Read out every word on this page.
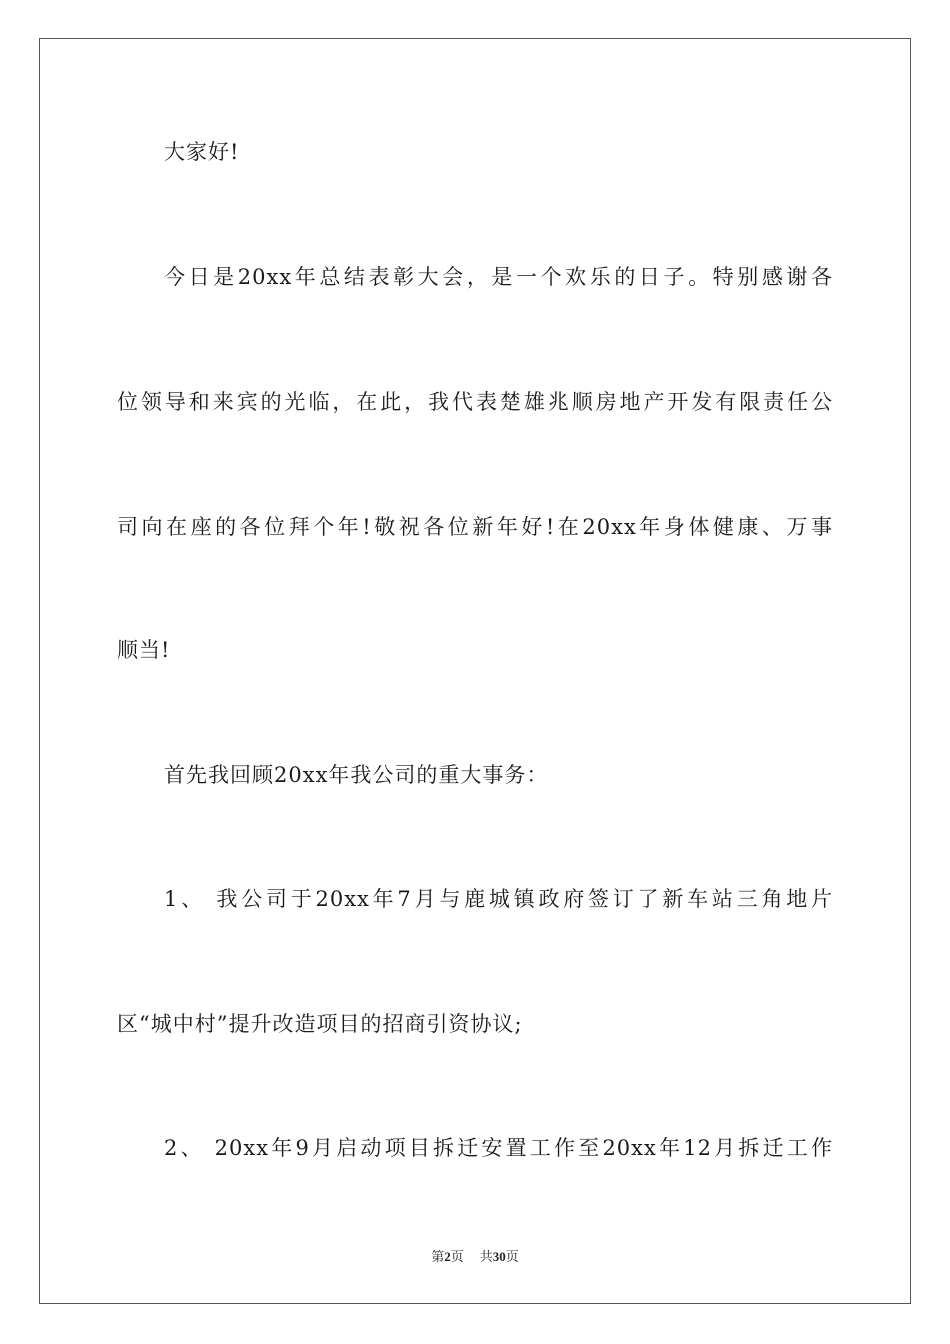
大家好!
今日是20xx年总结表彰大会，是一个欢乐的日子。特别感谢各
位领导和来宾的光临，在此，我代表楚雄兆顺房地产开发有限责任公
司向在座的各位拜个年!敬祝各位新年好!在20xx年身体健康、万事
顺当!
首先我回顾20xx年我公司的重大事务：
1、 我公司于20xx年7月与鹿城镇政府签订了新车站三角地片
区“城中村”提升改造项目的招商引资协议;
2、 20xx年9月启动项目拆迁安置工作至20xx年12月拆迁工作
第2页 共30页
